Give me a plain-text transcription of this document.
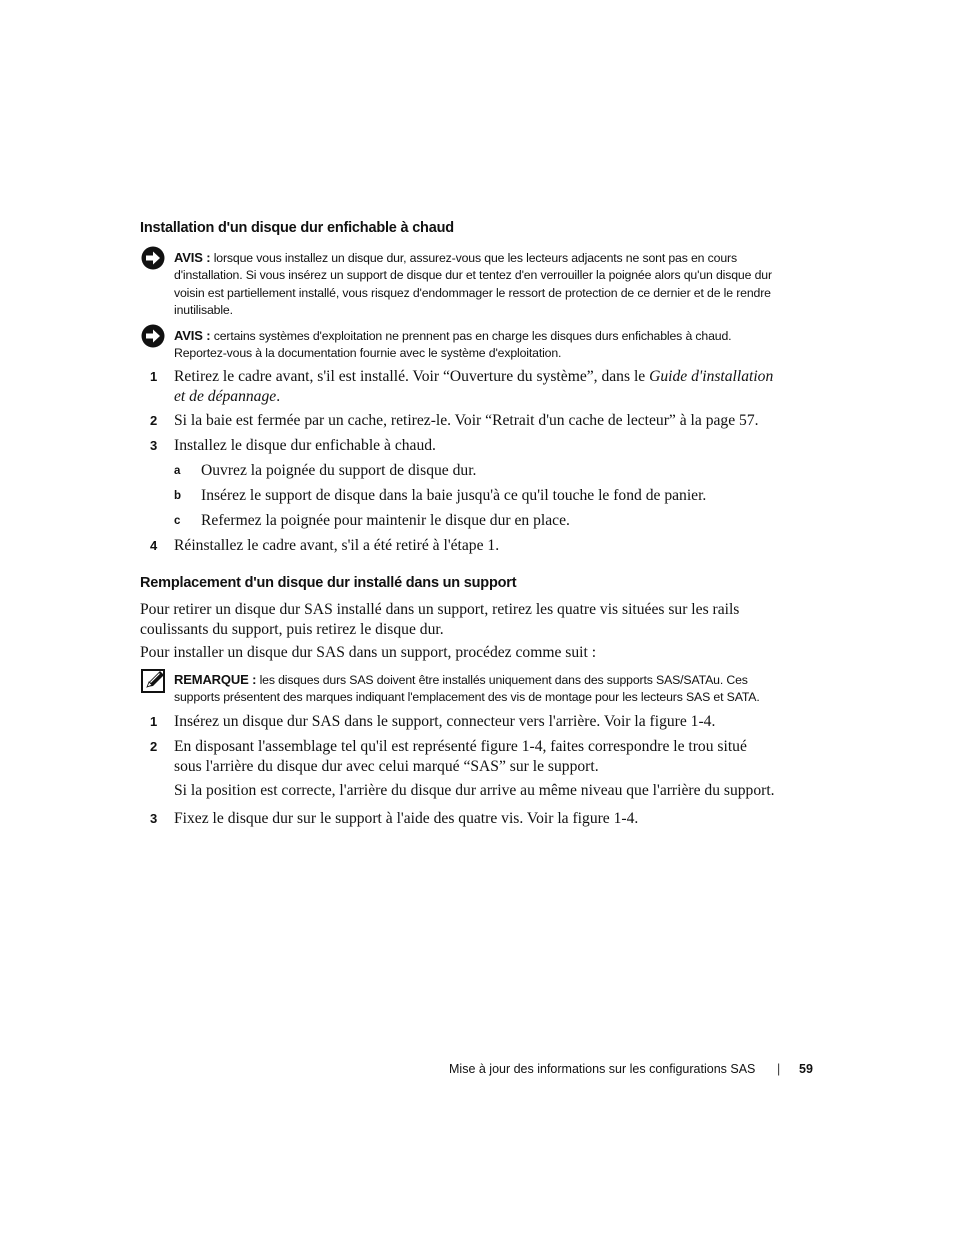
Installation d'un disque dur enfichable à chaud
AVIS : lorsque vous installez un disque dur, assurez-vous que les lecteurs adjacents ne sont pas en cours
d'installation. Si vous insérez un support de disque dur et tentez d'en verrouiller la poignée alors qu'un disque dur
voisin est partiellement installé, vous risquez d'endommager le ressort de protection de ce dernier et de le rendre
inutilisable.
AVIS : certains systèmes d'exploitation ne prennent pas en charge les disques durs enfichables à chaud.
Reportez-vous à la documentation fournie avec le système d'exploitation.
1 Retirez le cadre avant, s'il est installé. Voir “Ouverture du système”, dans le Guide d'installation
et de dépannage.
2 Si la baie est fermée par un cache, retirez-le. Voir “Retrait d'un cache de lecteur” à la page 57.
3 Installez le disque dur enfichable à chaud.
a Ouvrez la poignée du support de disque dur.
b Insérez le support de disque dans la baie jusqu'à ce qu'il touche le fond de panier.
c Refermez la poignée pour maintenir le disque dur en place.
4 Réinstallez le cadre avant, s'il a été retiré à l'étape 1.
Remplacement d'un disque dur installé dans un support
Pour retirer un disque dur SAS installé dans un support, retirez les quatre vis situées sur les rails
coulissants du support, puis retirez le disque dur.
Pour installer un disque dur SAS dans un support, procédez comme suit :
REMARQUE : les disques durs SAS doivent être installés uniquement dans des supports SAS/SATAu. Ces
supports présentent des marques indiquant l'emplacement des vis de montage pour les lecteurs SAS et SATA.
1 Insérez un disque dur SAS dans le support, connecteur vers l'arrière. Voir la figure 1-4.
2 En disposant l'assemblage tel qu'il est représenté figure 1-4, faites correspondre le trou situé
sous l'arrière du disque dur avec celui marqué “SAS” sur le support.
Si la position est correcte, l'arrière du disque dur arrive au même niveau que l'arrière du support.
3 Fixez le disque dur sur le support à l'aide des quatre vis. Voir la figure 1-4.
Mise à jour des informations sur les configurations SAS | 59
